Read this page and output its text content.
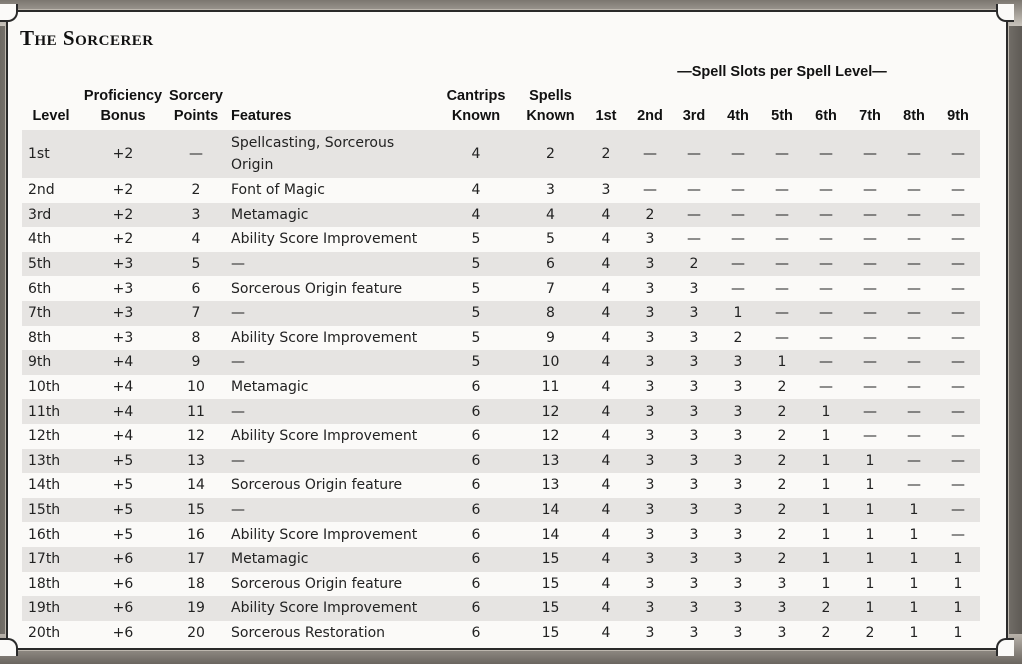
The Sorcerer
						—Spell Slots per Spell Level—								
Level	Proficiency Bonus	Sorcery Points	Features	Cantrips Known	Spells Known	1st	2nd	3rd	4th	5th	6th	7th	8th	9th
1st	+2	—	Spellcasting, Sorcerous Origin	4	2	2	—	—	—	—	—	—	—	—
2nd	+2	2	Font of Magic	4	3	3	—	—	—	—	—	—	—	—
3rd	+2	3	Metamagic	4	4	4	2	—	—	—	—	—	—	—
4th	+2	4	Ability Score Improvement	5	5	4	3	—	—	—	—	—	—	—
5th	+3	5	—	5	6	4	3	2	—	—	—	—	—	—
6th	+3	6	Sorcerous Origin feature	5	7	4	3	3	—	—	—	—	—	—
7th	+3	7	—	5	8	4	3	3	1	—	—	—	—	—
8th	+3	8	Ability Score Improvement	5	9	4	3	3	2	—	—	—	—	—
9th	+4	9	—	5	10	4	3	3	3	1	—	—	—	—
10th	+4	10	Metamagic	6	11	4	3	3	3	2	—	—	—	—
11th	+4	11	—	6	12	4	3	3	3	2	1	—	—	—
12th	+4	12	Ability Score Improvement	6	12	4	3	3	3	2	1	—	—	—
13th	+5	13	—	6	13	4	3	3	3	2	1	1	—	—
14th	+5	14	Sorcerous Origin feature	6	13	4	3	3	3	2	1	1	—	—
15th	+5	15	—	6	14	4	3	3	3	2	1	1	1	—
16th	+5	16	Ability Score Improvement	6	14	4	3	3	3	2	1	1	1	—
17th	+6	17	Metamagic	6	15	4	3	3	3	2	1	1	1	1
18th	+6	18	Sorcerous Origin feature	6	15	4	3	3	3	3	1	1	1	1
19th	+6	19	Ability Score Improvement	6	15	4	3	3	3	3	2	1	1	1
20th	+6	20	Sorcerous Restoration	6	15	4	3	3	3	3	2	2	1	1
